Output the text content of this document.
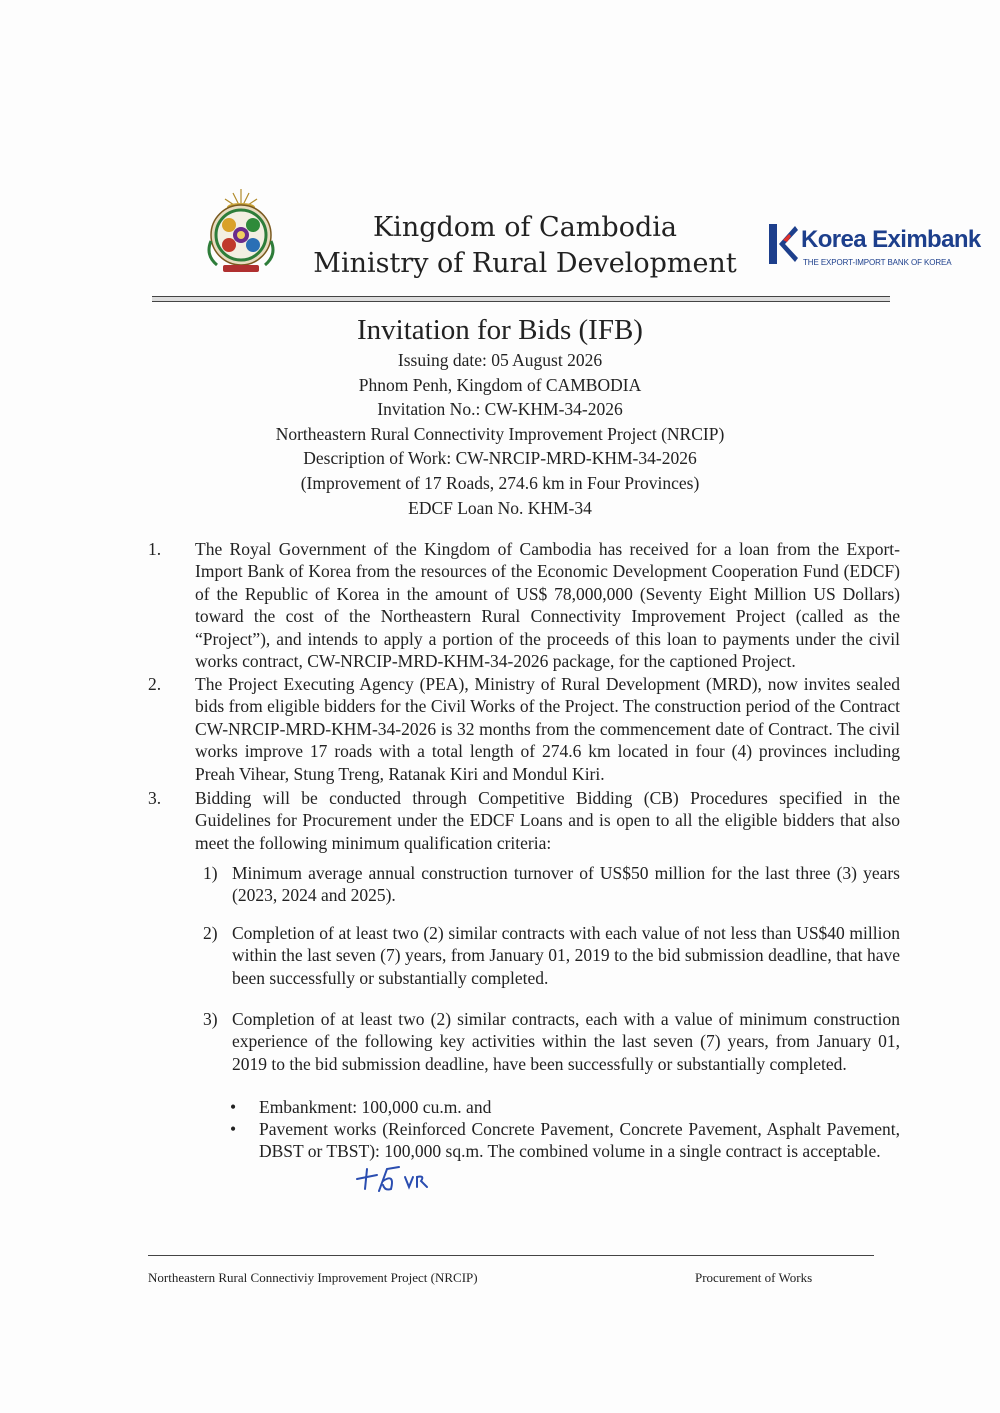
Kingdom of Cambodia
Ministry of Rural Development
Korea Eximbank
THE EXPORT-IMPORT BANK OF KOREA
Invitation for Bids (IFB)
Issuing date: 05 August 2026
Phnom Penh, Kingdom of CAMBODIA
Invitation No.: CW-KHM-34-2026
Northeastern Rural Connectivity Improvement Project (NRCIP)
Description of Work: CW-NRCIP-MRD-KHM-34-2026
(Improvement of 17 Roads, 274.6 km in Four Provinces)
EDCF Loan No. KHM-34
1.	The Royal Government of the Kingdom of Cambodia has received for a loan from the Export-Import Bank of Korea from the resources of the Economic Development Cooperation Fund (EDCF) of the Republic of Korea in the amount of US$ 78,000,000 (Seventy Eight Million US Dollars) toward the cost of the Northeastern Rural Connectivity Improvement Project (called as the “Project”), and intends to apply a portion of the proceeds of this loan to payments under the civil works contract, CW-NRCIP-MRD-KHM-34-2026 package, for the captioned Project.
2.	The Project Executing Agency (PEA), Ministry of Rural Development (MRD), now invites sealed bids from eligible bidders for the Civil Works of the Project. The construction period of the Contract CW-NRCIP-MRD-KHM-34-2026 is 32 months from the commencement date of Contract. The civil works improve 17 roads with a total length of 274.6 km located in four (4) provinces including Preah Vihear, Stung Treng, Ratanak Kiri and Mondul Kiri.
3.	Bidding will be conducted through Competitive Bidding (CB) Procedures specified in the Guidelines for Procurement under the EDCF Loans and is open to all the eligible bidders that also meet the following minimum qualification criteria:
1) Minimum average annual construction turnover of US$50 million for the last three (3) years (2023, 2024 and 2025).
2) Completion of at least two (2) similar contracts with each value of not less than US$40 million within the last seven (7) years, from January 01, 2019 to the bid submission deadline, that have been successfully or substantially completed.
3) Completion of at least two (2) similar contracts, each with a value of minimum construction experience of the following key activities within the last seven (7) years, from January 01, 2019 to the bid submission deadline, have been successfully or substantially completed.
• Embankment: 100,000 cu.m. and
• Pavement works (Reinforced Concrete Pavement, Concrete Pavement, Asphalt Pavement, DBST or TBST): 100,000 sq.m. The combined volume in a single contract is acceptable.
Northeastern Rural Connectiviy Improvement Project (NRCIP)	Procurement of Works
